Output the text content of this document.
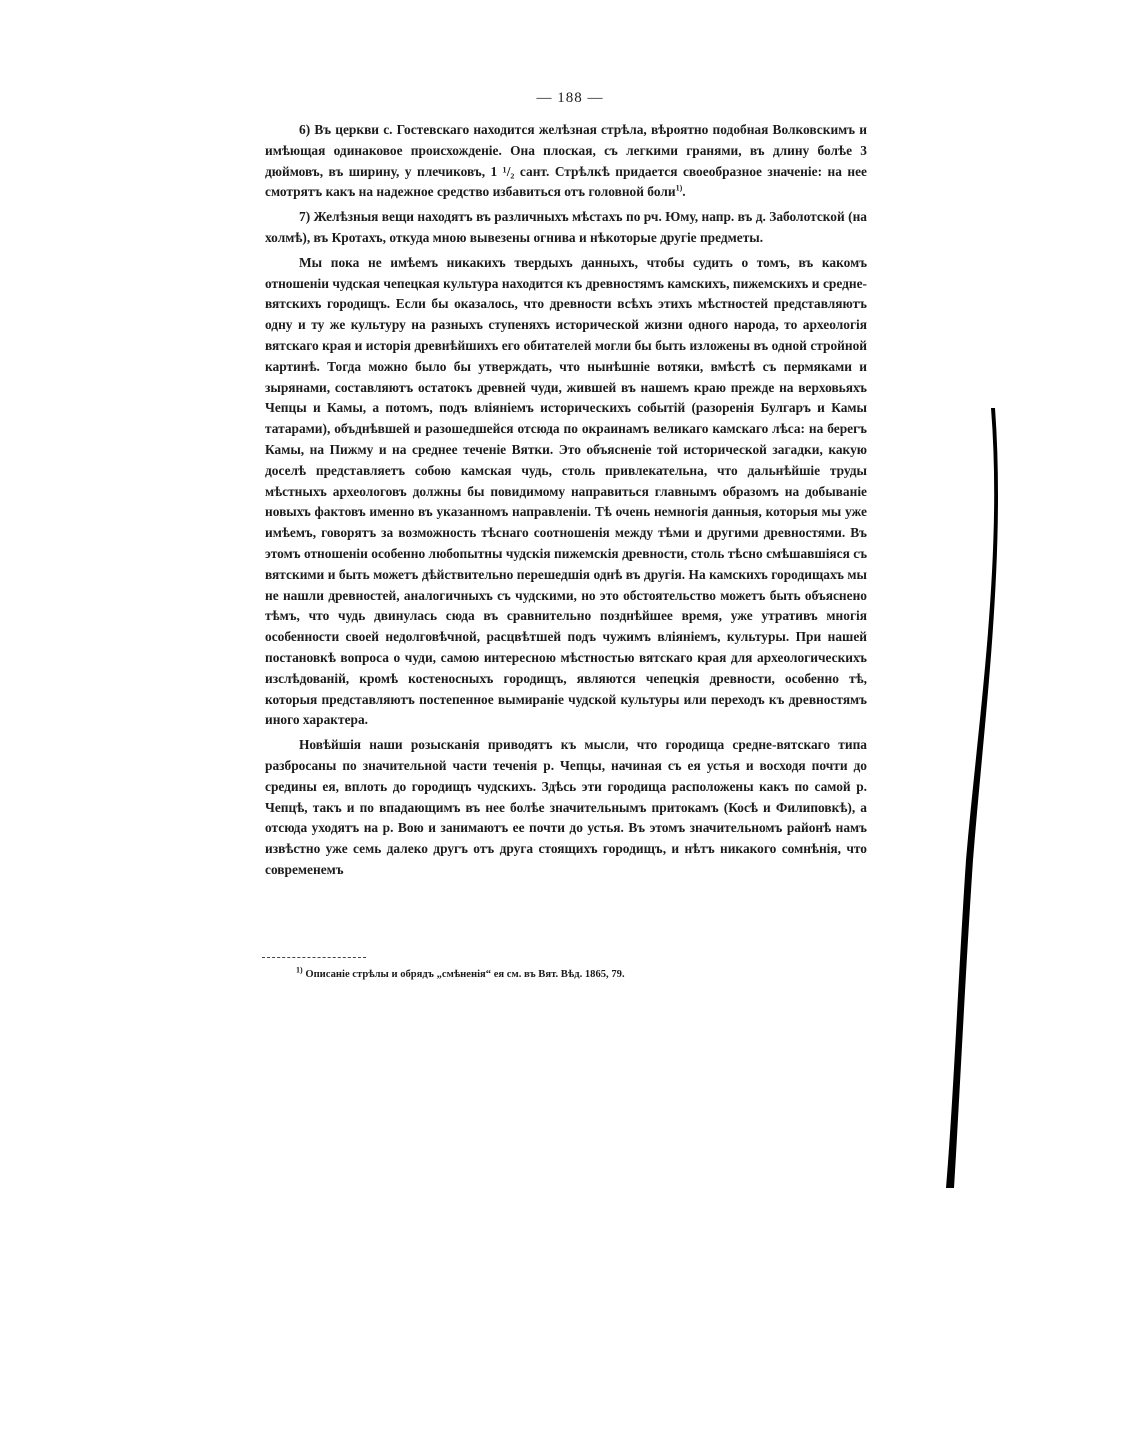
— 188 —

6) Въ церкви с. Гостевскаго находится желѣзная стрѣла, вѣроятно подобная Волковскимъ и имѣющая одинаковое происхожденіе. Она плоская, съ легкими гранями, въ длину болѣе 3 дюймовъ, въ ширину, у плечиковъ, 1 ¹/₂ сант. Стрѣлкѣ придается своеобразное значеніе: на нее смотрятъ какъ на надежное средство избавиться отъ головной боли$^{1)}$.

7) Желѣзныя вещи находятъ въ различныхъ мѣстахъ по рч. Юму, напр. въ д. Заболотской (на холмѣ), въ Кротахъ, откуда мною вывезены огнива и нѣкоторые другіе предметы.

Мы пока не имѣемъ никакихъ твердыхъ данныхъ, чтобы судить о томъ, въ какомъ отношеніи чудская чепецкая культура находится къ древностямъ камскихъ, пижемскихъ и средне-вятскихъ городищъ. Если бы оказалось, что древности всѣхъ этихъ мѣстностей представляютъ одну и ту же культуру на разныхъ ступеняхъ исторической жизни одного народа, то археологія вятскаго края и исторія древнѣйшихъ его обитателей могли бы быть изложены въ одной стройной картинѣ. Тогда можно было бы утверждать, что нынѣшніе вотяки, вмѣстѣ съ пермяками и зырянами, составляютъ остатокъ древней чуди, жившей въ нашемъ краю прежде на верховьяхъ Чепцы и Камы, а потомъ, подъ вліяніемъ историческихъ событій (разоренія Булгаръ и Камы татарами), объднѣвшей и разошедшейся отсюда по окраинамъ великаго камскаго лѣса: на берегъ Камы, на Пижму и на среднее теченіе Вятки. Это объясненіе той исторической загадки, какую доселѣ представляетъ собою камская чудь, столь привлекательна, что дальнѣйшіе труды мѣстныхъ археологовъ должны бы повидимому направиться главнымъ образомъ на добываніе новыхъ фактовъ именно въ указанномъ направленіи. Тѣ очень немногія данныя, которыя мы уже имѣемъ, говорятъ за возможность тѣснаго соотношенія между тѣми и другими древностями. Въ этомъ отношеніи особенно любопытны чудскія пижемскія древности, столь тѣсно смѣшавшіяся съ вятскими и быть можетъ дѣйствительно перешедшія однѣ въ другія. На камскихъ городищахъ мы не нашли древностей, аналогичныхъ съ чудскими, но это обстоятельство можетъ быть объяснено тѣмъ, что чудь двинулась сюда въ сравнительно позднѣйшее время, уже утративъ многія особенности своей недолговѣчной, расцвѣтшей подъ чужимъ вліяніемъ, культуры. При нашей постановкѣ вопроса о чуди, самою интересною мѣстностью вятскаго края для археологическихъ изслѣдованій, кромѣ костеносныхъ городищъ, являются чепецкія древности, особенно тѣ, которыя представляютъ постепенное вымираніе чудской культуры или переходъ къ древностямъ иного характера.

Новѣйшія наши розысканія приводятъ къ мысли, что городища средне-вятскаго типа разбросаны по значительной части теченія р. Чепцы, начиная съ ея устья и восходя почти до средины ея, вплоть до городищъ чудскихъ. Здѣсь эти городища расположены какъ по самой р. Чепцѣ, такъ и по впадающимъ въ нее болѣе значительнымъ притокамъ (Косѣ и Филиповкѣ), а отсюда уходятъ на р. Вою и занимаютъ ее почти до устья. Въ этомъ значительномъ районѣ намъ извѣстно уже семь далеко другъ отъ друга стоящихъ городищъ, и нѣтъ никакого сомнѣнія, что современемъ

$^{1)}$ Описаніе стрѣлы и обрядъ „смѣненія“ ея см. въ Вят. Вѣд. 1865, 79.
